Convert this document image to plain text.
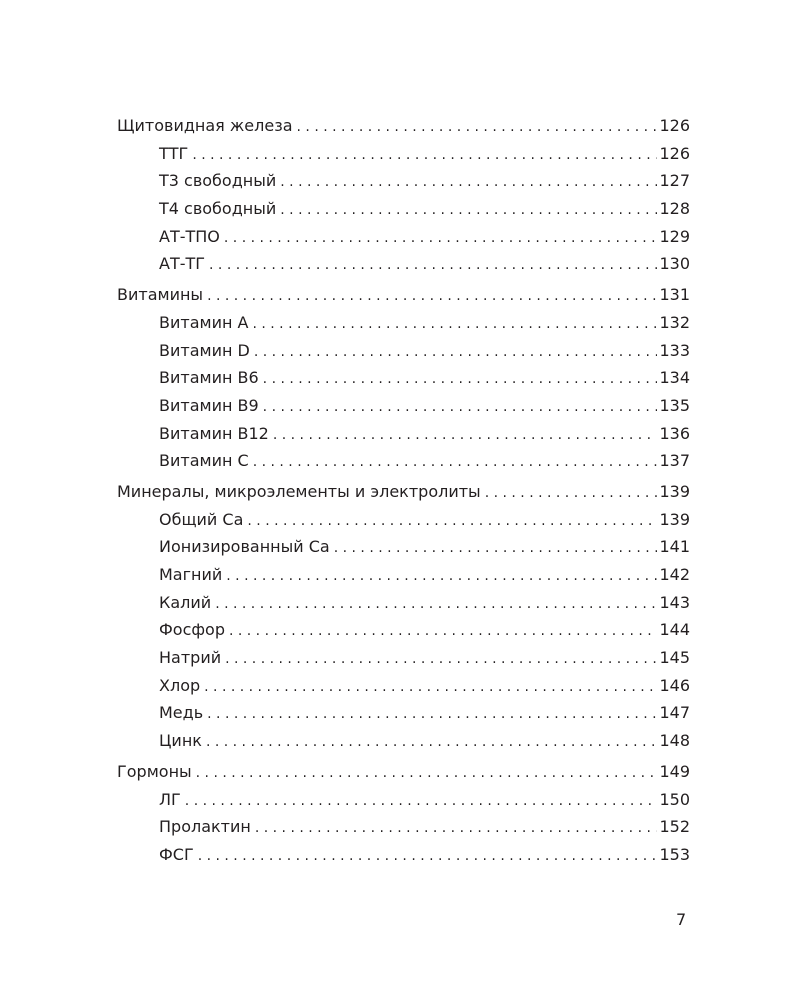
Щитовидная железа . . .	126
ТТГ . . .	126
Т3 свободный . . .	127
Т4 свободный . . .	128
АТ-ТПО . . .	129
АТ-ТГ . . .	130
Витамины . . .	131
Витамин А . . .	132
Витамин D . . .	133
Витамин В6 . . .	134
Витамин В9 . . .	135
Витамин В12 . . .	136
Витамин С . . .	137
Минералы, микроэлементы и электролиты . . .	139
Общий Са . . .	139
Ионизированный Са . . .	141
Магний . . .	142
Калий . . .	143
Фосфор . . .	144
Натрий . . .	145
Хлор . . .	146
Медь . . .	147
Цинк . . .	148
Гормоны . . .	149
ЛГ . . .	150
Пролактин . . .	152
ФСГ . . .	153
7
